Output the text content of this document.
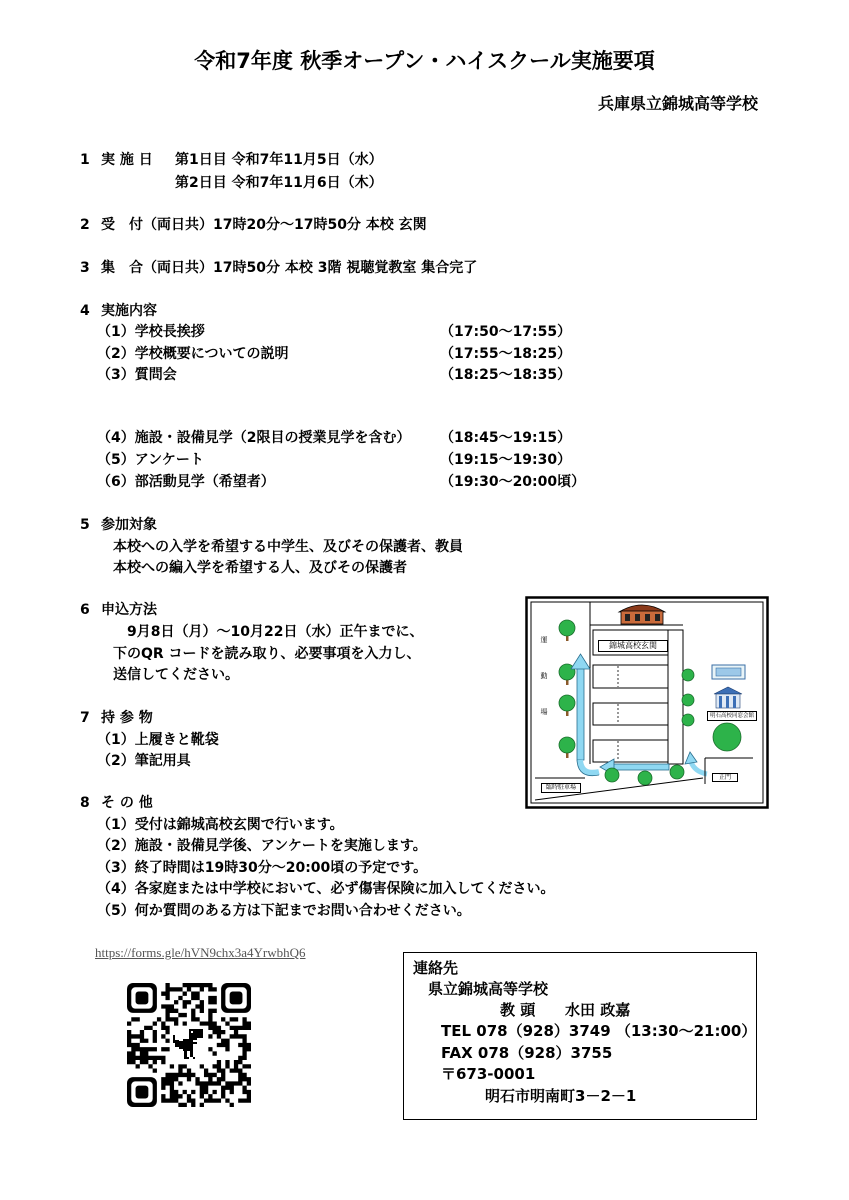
令和7年度 秋季オープン・ハイスクール実施要項
兵庫県立錦城高等学校
1 実 施 日 第1日目 令和7年11月5日（水）
第2日目 令和7年11月6日（木）
2 受　付（両日共）17時20分～17時50分 本校 玄関
3 集　合（両日共）17時50分 本校 3階 視聴覚教室 集合完了
4 実施内容
（1）学校長挨拶	（17:50～17:55）
（2）学校概要についての説明	（17:55～18:25）
（3）質問会	（18:25～18:35）
（4）施設・設備見学（2限目の授業見学を含む） （18:45～19:15）
（5）アンケート	（19:15～19:30）
（6）部活動見学（希望者）	（19:30～20:00頃）
5 参加対象
本校への入学を希望する中学生、及びその保護者、教員
本校への編入学を希望する人、及びその保護者
6 申込方法
9月8日（月）～10月22日（水）正午までに、
下のQR コードを読み取り、必要事項を入力し、
送信してください。
7 持 参 物
（1）上履きと靴袋
（2）筆記用具
8 そ の 他
（1）受付は錦城高校玄関で行います。
（2）施設・設備見学後、アンケートを実施します。
（3）終了時間は19時30分～20:00頃の予定です。
（4）各家庭または中学校において、必ず傷害保険に加入してください。
（5）何か質問のある方は下記までお問い合わせください。
錦城高校玄関
運動場	明石高校同窓会館
臨時駐車場
正門
https://forms.gle/hVN9chx3a4YrwbhQ6
連絡先
県立錦城高等学校
教 頭 水田 政嘉
TEL 078（928）3749 （13:30～21:00）
FAX 078（928）3755
〒673-0001
明石市明南町3－2－1
